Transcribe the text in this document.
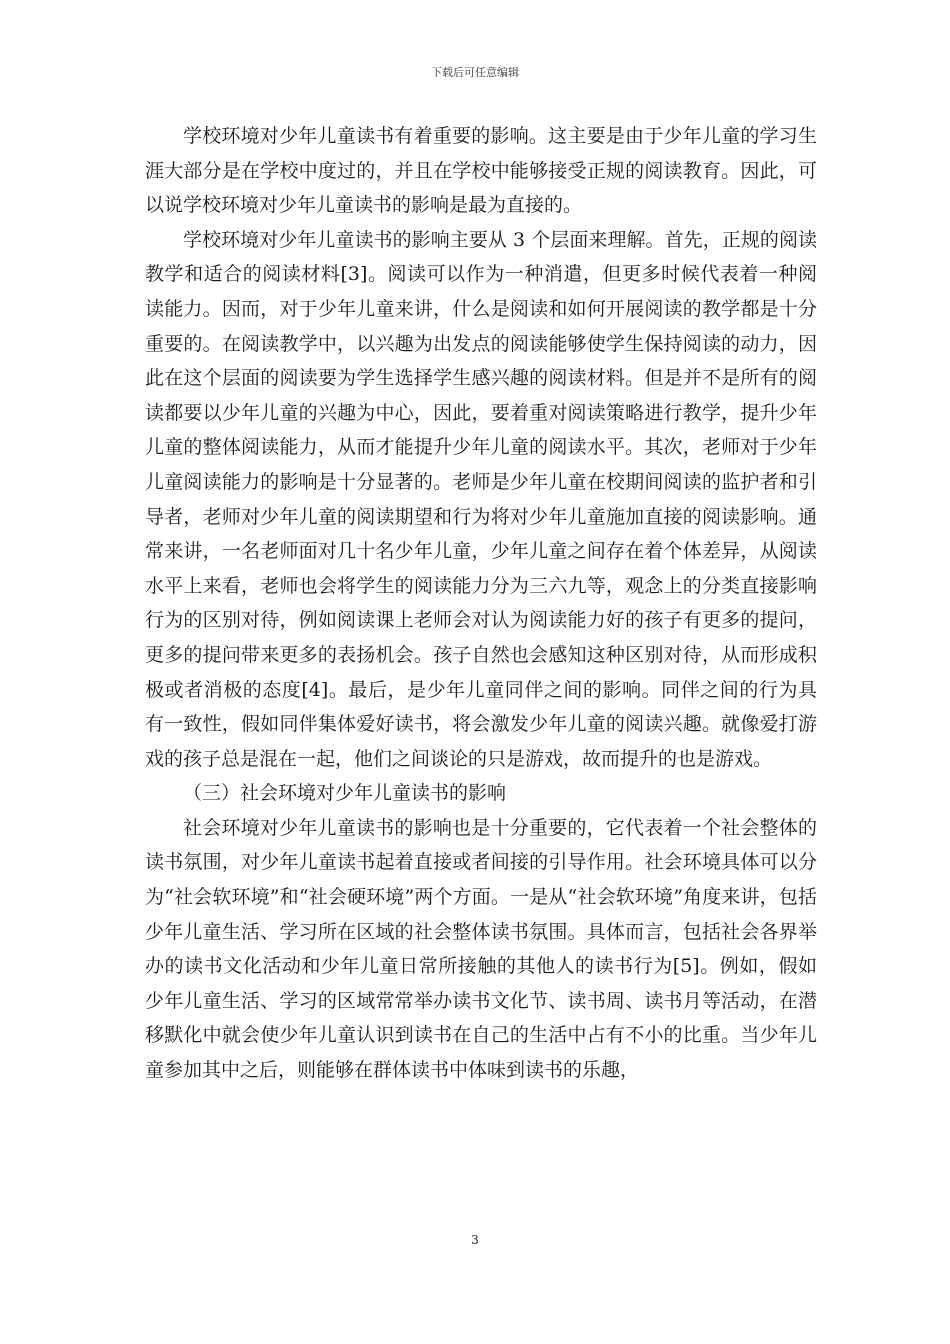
下载后可任意编辑

学校环境对少年儿童读书有着重要的影响。这主要是由于少年儿童的学习生涯大部分是在学校中度过的，并且在学校中能够接受正规的阅读教育。因此，可以说学校环境对少年儿童读书的影响是最为直接的。

学校环境对少年儿童读书的影响主要从 3 个层面来理解。首先，正规的阅读教学和适合的阅读材料[3]。阅读可以作为一种消遣，但更多时候代表着一种阅读能力。因而，对于少年儿童来讲，什么是阅读和如何开展阅读的教学都是十分重要的。在阅读教学中，以兴趣为出发点的阅读能够使学生保持阅读的动力，因此在这个层面的阅读要为学生选择学生感兴趣的阅读材料。但是并不是所有的阅读都要以少年儿童的兴趣为中心，因此，要着重对阅读策略进行教学，提升少年儿童的整体阅读能力，从而才能提升少年儿童的阅读水平。其次，老师对于少年儿童阅读能力的影响是十分显著的。老师是少年儿童在校期间阅读的监护者和引导者，老师对少年儿童的阅读期望和行为将对少年儿童施加直接的阅读影响。通常来讲，一名老师面对几十名少年儿童，少年儿童之间存在着个体差异，从阅读水平上来看，老师也会将学生的阅读能力分为三六九等，观念上的分类直接影响行为的区别对待，例如阅读课上老师会对认为阅读能力好的孩子有更多的提问，更多的提问带来更多的表扬机会。孩子自然也会感知这种区别对待，从而形成积极或者消极的态度[4]。最后，是少年儿童同伴之间的影响。同伴之间的行为具有一致性，假如同伴集体爱好读书，将会激发少年儿童的阅读兴趣。就像爱打游戏的孩子总是混在一起，他们之间谈论的只是游戏，故而提升的也是游戏。

（三）社会环境对少年儿童读书的影响

社会环境对少年儿童读书的影响也是十分重要的，它代表着一个社会整体的读书氛围，对少年儿童读书起着直接或者间接的引导作用。社会环境具体可以分为“社会软环境”和“社会硬环境”两个方面。一是从“社会软环境”角度来讲，包括少年儿童生活、学习所在区域的社会整体读书氛围。具体而言，包括社会各界举办的读书文化活动和少年儿童日常所接触的其他人的读书行为[5]。例如，假如少年儿童生活、学习的区域常常举办读书文化节、读书周、读书月等活动，在潜移默化中就会使少年儿童认识到读书在自己的生活中占有不小的比重。当少年儿童参加其中之后，则能够在群体读书中体味到读书的乐趣，

3
